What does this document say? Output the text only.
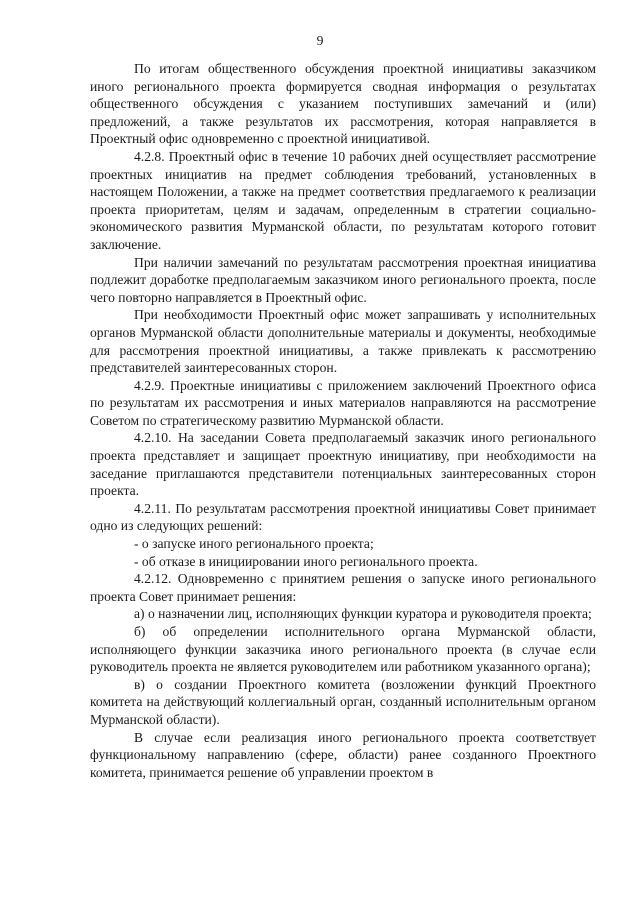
9

По итогам общественного обсуждения проектной инициативы заказчиком иного регионального проекта формируется сводная информация о результатах общественного обсуждения с указанием поступивших замечаний и (или) предложений, а также результатов их рассмотрения, которая направляется в Проектный офис одновременно с проектной инициативой.

4.2.8. Проектный офис в течение 10 рабочих дней осуществляет рассмотрение проектных инициатив на предмет соблюдения требований, установленных в настоящем Положении, а также на предмет соответствия предлагаемого к реализации проекта приоритетам, целям и задачам, определенным в стратегии социально-экономического развития Мурманской области, по результатам которого готовит заключение.

При наличии замечаний по результатам рассмотрения проектная инициатива подлежит доработке предполагаемым заказчиком иного регионального проекта, после чего повторно направляется в Проектный офис.

При необходимости Проектный офис может запрашивать у исполнительных органов Мурманской области дополнительные материалы и документы, необходимые для рассмотрения проектной инициативы, а также привлекать к рассмотрению представителей заинтересованных сторон.

4.2.9. Проектные инициативы с приложением заключений Проектного офиса по результатам их рассмотрения и иных материалов направляются на рассмотрение Советом по стратегическому развитию Мурманской области.

4.2.10. На заседании Совета предполагаемый заказчик иного регионального проекта представляет и защищает проектную инициативу, при необходимости на заседание приглашаются представители потенциальных заинтересованных сторон проекта.

4.2.11. По результатам рассмотрения проектной инициативы Совет принимает одно из следующих решений:

- о запуске иного регионального проекта;

- об отказе в инициировании иного регионального проекта.

4.2.12. Одновременно с принятием решения о запуске иного регионального проекта Совет принимает решения:

а) о назначении лиц, исполняющих функции куратора и руководителя проекта;

б) об определении исполнительного органа Мурманской области, исполняющего функции заказчика иного регионального проекта (в случае если руководитель проекта не является руководителем или работником указанного органа);

в) о создании Проектного комитета (возложении функций Проектного комитета на действующий коллегиальный орган, созданный исполнительным органом Мурманской области).

В случае если реализация иного регионального проекта соответствует функциональному направлению (сфере, области) ранее созданного Проектного комитета, принимается решение об управлении проектом в
